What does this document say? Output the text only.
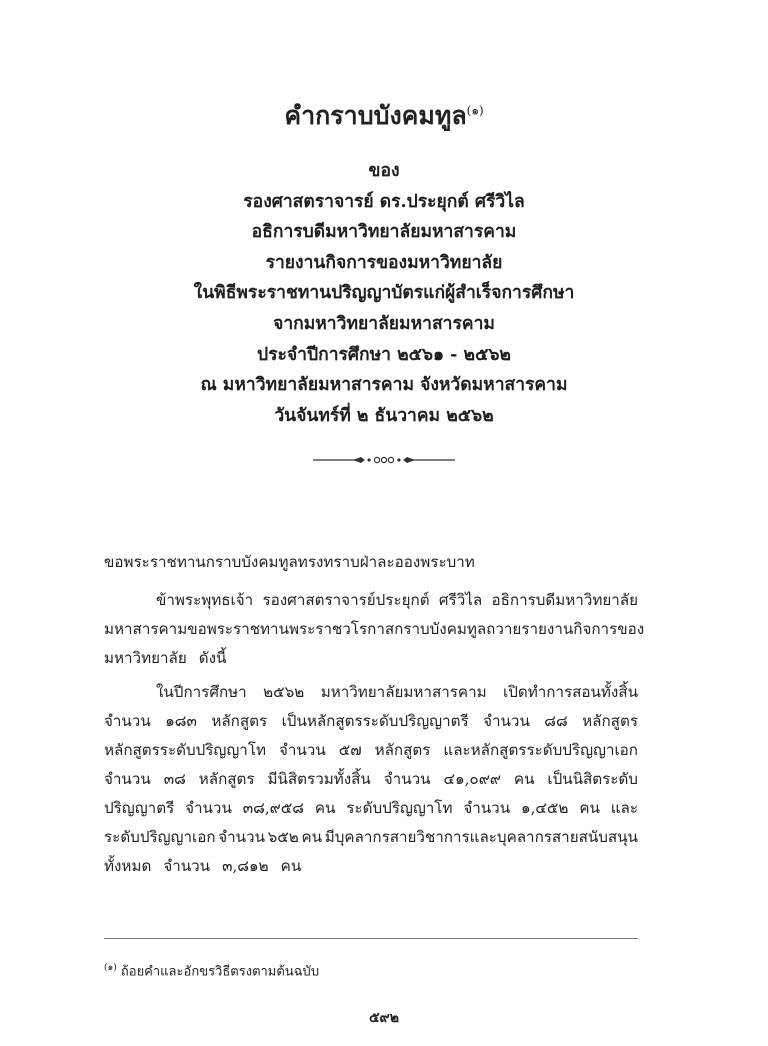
คำกราบบังคมทูล$^{(๑)}$
ของ
รองศาสตราจารย์ ดร.ประยุกต์ ศรีวิไล
อธิการบดีมหาวิทยาลัยมหาสารคาม
รายงานกิจการของมหาวิทยาลัย
ในพิธีพระราชทานปริญญาบัตรแก่ผู้สำเร็จการศึกษา
จากมหาวิทยาลัยมหาสารคาม
ประจำปีการศึกษา ๒๕๖๑ - ๒๕๖๒
ณ มหาวิทยาลัยมหาสารคาม จังหวัดมหาสารคาม
วันจันทร์ที่ ๒ ธันวาคม ๒๕๖๒
ขอพระราชทานกราบบังคมทูลทรงทราบฝ่าละอองพระบาท
ข้าพระพุทธเจ้า รองศาสตราจารย์ประยุกต์ ศรีวิไล อธิการบดีมหาวิทยาลัย
มหาสารคาม ขอพระราชทานพระราชวโรกาสกราบบังคมทูลถวายรายงานกิจการของ
มหาวิทยาลัย ดังนี้
ในปีการศึกษา ๒๕๖๒ มหาวิทยาลัยมหาสารคาม เปิดทำการสอนทั้งสิ้น
จำนวน ๑๘๓ หลักสูตร เป็นหลักสูตรระดับปริญญาตรี จำนวน ๘๘ หลักสูตร
หลักสูตรระดับปริญญาโท จำนวน ๕๗ หลักสูตร และหลักสูตรระดับปริญญาเอก
จำนวน ๓๘ หลักสูตร มีนิสิตรวมทั้งสิ้น จำนวน ๔๑,๐๙๙ คน เป็นนิสิตระดับ
ปริญญาตรี จำนวน ๓๘,๙๕๘ คน ระดับปริญญาโท จำนวน ๑,๔๕๒ คน และ
ระดับปริญญาเอก จำนวน ๖๕๒ คน มีบุคลากรสายวิชาการและบุคลากรสายสนับสนุน
ทั้งหมด จำนวน ๓,๘๑๒ คน
$^{(๑)}$ ถ้อยคำและอักขรวิธีตรงตามต้นฉบับ
๕๙๒
